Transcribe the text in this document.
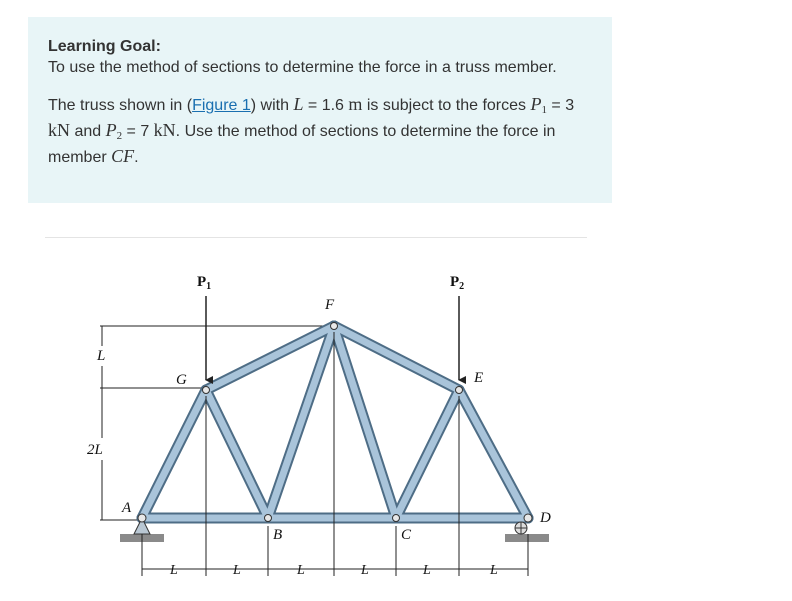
Learning Goal:
To use the method of sections to determine the force in a truss member.
The truss shown in (Figure 1) with L = 1.6 m is subject to the forces $P_1 = 3$ kN and $P_2 = 7$ kN. Use the method of sections to determine the force in member CF.
$P_1$	$P_2$
F
G	E
A
B	C
D
L
2L
L	L	L	L	L	L
